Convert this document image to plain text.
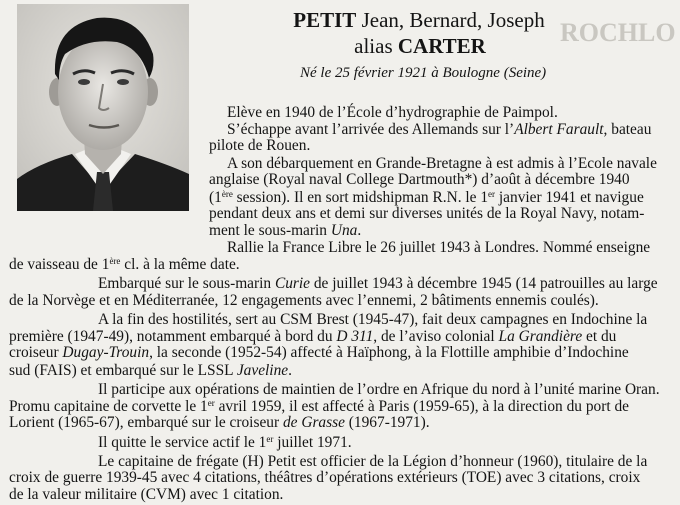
ROCHLO
PETIT Jean, Bernard, Joseph
alias CARTER
Né le 25 février 1921 à Boulogne (Seine)
Elève en 1940 de l’École d’hydrographie de Paimpol.
S’échappe avant l’arrivée des Allemands sur l’Albert Farault, bateau
pilote de Rouen.
A son débarquement en Grande-Bretagne à est admis à l’Ecole navale
anglaise (Royal naval College Dartmouth*) d’août à décembre 1940
(1ère session). Il en sort midshipman R.N. le 1er janvier 1941 et navigue
pendant deux ans et demi sur diverses unités de la Royal Navy, notam-
ment le sous-marin Una.
Rallie la France Libre le 26 juillet 1943 à Londres. Nommé enseigne
de vaisseau de 1ère cl. à la même date.
Embarqué sur le sous-marin Curie de juillet 1943 à décembre 1945 (14 patrouilles au large
de la Norvège et en Méditerranée, 12 engagements avec l’ennemi, 2 bâtiments ennemis coulés).
A la fin des hostilités, sert au CSM Brest (1945-47), fait deux campagnes en Indochine la
première (1947-49), notamment embarqué à bord du D 311, de l’aviso colonial La Grandière et du
croiseur Dugay-Trouin, la seconde (1952-54) affecté à Haïphong, à la Flottille amphibie d’Indochine
sud (FAIS) et embarqué sur le LSSL Javeline.
Il participe aux opérations de maintien de l’ordre en Afrique du nord à l’unité marine Oran.
Promu capitaine de corvette le 1er avril 1959, il est affecté à Paris (1959-65), à la direction du port de
Lorient (1965-67), embarqué sur le croiseur de Grasse (1967-1971).
Il quitte le service actif le 1er juillet 1971.
Le capitaine de frégate (H) Petit est officier de la Légion d’honneur (1960), titulaire de la
croix de guerre 1939-45 avec 4 citations, théâtres d’opérations extérieurs (TOE) avec 3 citations, croix
de la valeur militaire (CVM) avec 1 citation.
